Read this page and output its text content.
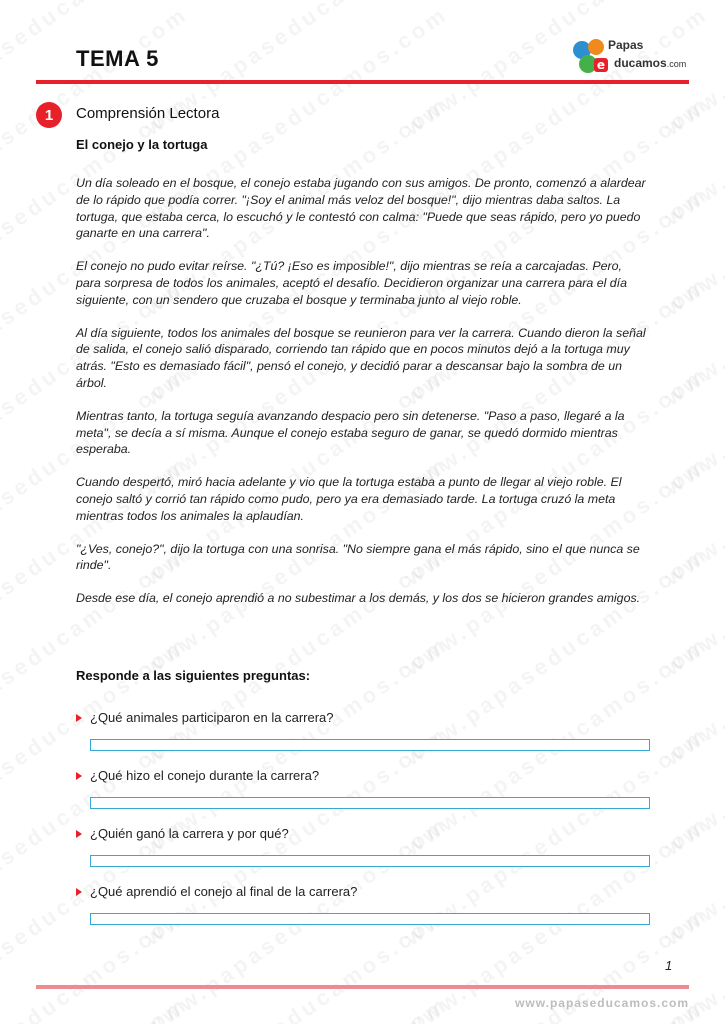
TEMA 5	e
Papas
ducamos.com
1	Comprensión Lectora
El conejo y la tortuga

Un día soleado en el bosque, el conejo estaba jugando con sus amigos. De pronto, comenzó a alardear de lo rápido que podía correr. "¡Soy el animal más veloz del bosque!", dijo mientras daba saltos. La tortuga, que estaba cerca, lo escuchó y le contestó con calma: "Puede que seas rápido, pero yo puedo ganarte en una carrera".

El conejo no pudo evitar reírse. "¿Tú? ¡Eso es imposible!", dijo mientras se reía a carcajadas. Pero, para sorpresa de todos los animales, aceptó el desafío. Decidieron organizar una carrera para el día siguiente, con un sendero que cruzaba el bosque y terminaba junto al viejo roble.

Al día siguiente, todos los animales del bosque se reunieron para ver la carrera. Cuando dieron la señal de salida, el conejo salió disparado, corriendo tan rápido que en pocos minutos dejó a la tortuga muy atrás. "Esto es demasiado fácil", pensó el conejo, y decidió parar a descansar bajo la sombra de un árbol.

Mientras tanto, la tortuga seguía avanzando despacio pero sin detenerse. "Paso a paso, llegaré a la meta", se decía a sí misma. Aunque el conejo estaba seguro de ganar, se quedó dormido mientras esperaba.

Cuando despertó, miró hacia adelante y vio que la tortuga estaba a punto de llegar al viejo roble. El conejo saltó y corrió tan rápido como pudo, pero ya era demasiado tarde. La tortuga cruzó la meta mientras todos los animales la aplaudían.

"¿Ves, conejo?", dijo la tortuga con una sonrisa. "No siempre gana el más rápido, sino el que nunca se rinde".

Desde ese día, el conejo aprendió a no subestimar a los demás, y los dos se hicieron grandes amigos.

Responde a las siguientes preguntas:
¿Qué animales participaron en la carrera?
¿Qué hizo el conejo durante la carrera?
¿Quién ganó la carrera y por qué?
¿Qué aprendió el conejo al final de la carrera?
1
www.papaseducamos.com
